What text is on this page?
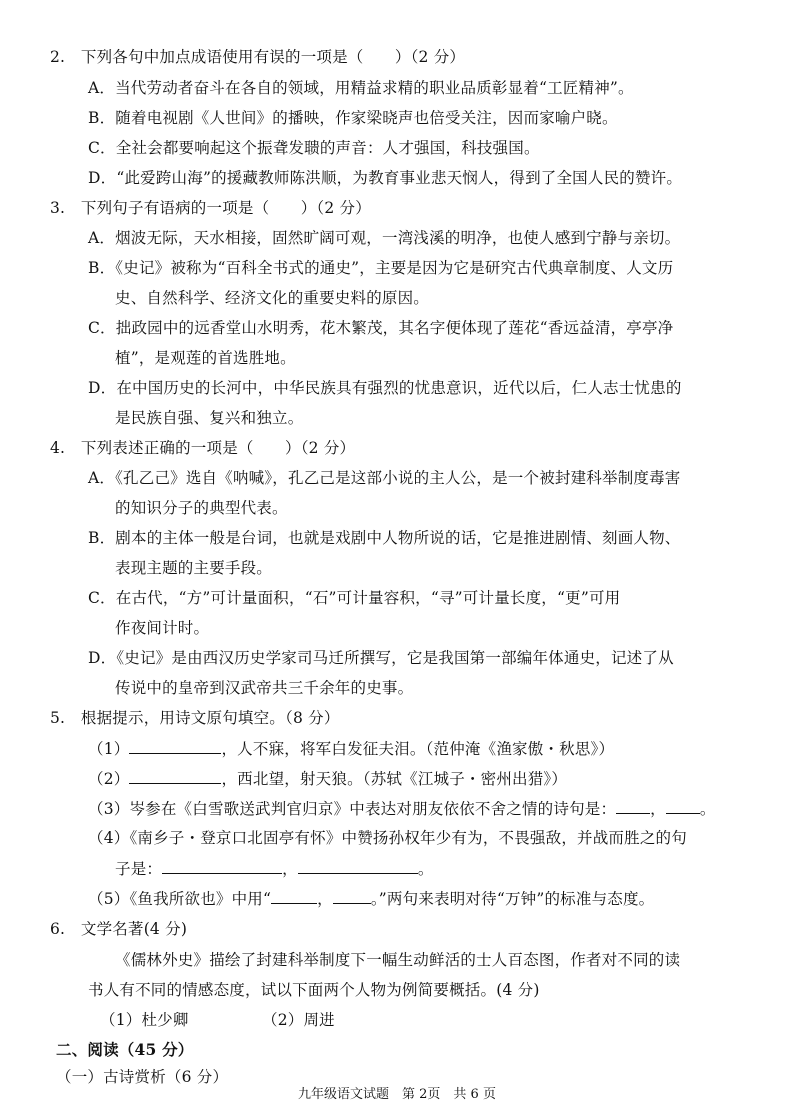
2.　下列各句中加点成语使用有误的一项是（　　）（2 分）
A．当代劳动者奋斗在各自的领域，用精益求精的职业品质彰显着“工匠精神”。
B．随着电视剧《人世间》的播映，作家梁晓声也倍受关注，因而家喻户晓。
C．全社会都要响起这个振聋发聩的声音：人才强国，科技强国。
D．“此爱跨山海”的援藏教师陈洪顺，为教育事业悲天悯人，得到了全国人民的赞许。
3.　下列句子有语病的一项是（　　）（2 分）
A．烟波无际，天水相接，固然旷阔可观，一湾浅溪的明净，也使人感到宁静与亲切。
B．《史记》被称为“百科全书式的通史”，主要是因为它是研究古代典章制度、人文历
史、自然科学、经济文化的重要史料的原因。
C．拙政园中的远香堂山水明秀，花木繁茂，其名字便体现了莲花“香远益清，亭亭净
植”，是观莲的首选胜地。
D．在中国历史的长河中，中华民族具有强烈的忧患意识，近代以后，仁人志士忧患的
是民族自强、复兴和独立。
4.　下列表述正确的一项是（　　）（2 分）
A．《孔乙己》选自《呐喊》，孔乙己是这部小说的主人公，是一个被封建科举制度毒害
的知识分子的典型代表。
B．剧本的主体一般是台词，也就是戏剧中人物所说的话，它是推进剧情、刻画人物、
表现主题的主要手段。
C．在古代，“方”可计量面积，“石”可计量容积，“寻”可计量长度，“更”可用
作夜间计时。
D．《史记》是由西汉历史学家司马迁所撰写，它是我国第一部编年体通史，记述了从
传说中的皇帝到汉武帝共三千余年的史事。
5.　根据提示，用诗文原句填空。（8 分）
（1）	，人不寐，将军白发征夫泪。（范仲淹《渔家傲・秋思》）
（2）	，西北望，射天狼。（苏轼《江城子・密州出猎》）
（3）岑参在《白雪歌送武判官归京》中表达对朋友依依不舍之情的诗句是： ， 。
（4）《南乡子・登京口北固亭有怀》中赞扬孙权年少有为，不畏强敌，并战而胜之的句
子是：	，	。
（5）《鱼我所欲也》中用“	， 。”两句来表明对待“万钟”的标准与态度。
6.　文学名著(4 分)
《儒林外史》描绘了封建科举制度下一幅生动鲜活的士人百态图，作者对不同的读
书人有不同的情感态度，试以下面两个人物为例简要概括。(4 分)
（1）杜少卿	（2）周进
二、阅读（45 分）
（一）古诗赏析（6 分）
九年级语文试题　第 2页　共 6 页
